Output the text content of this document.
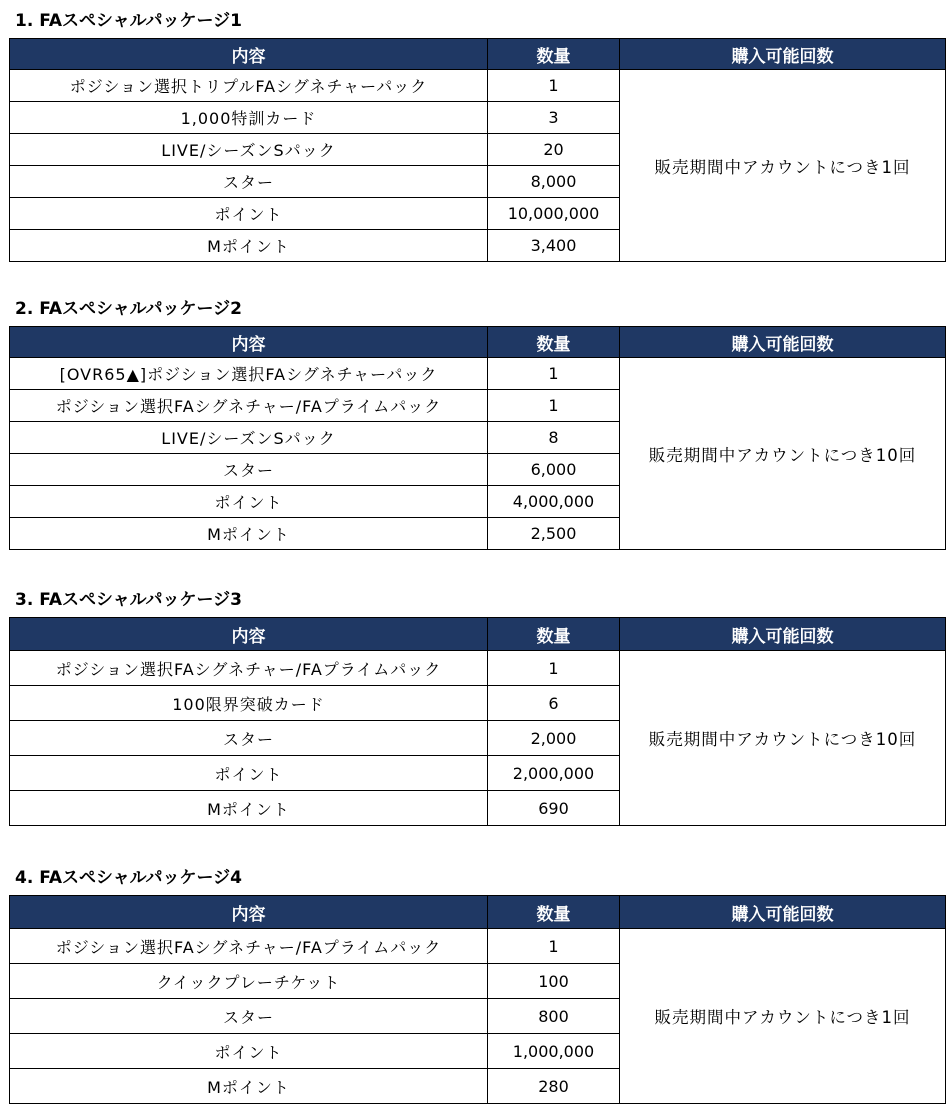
1. FAスペシャルパッケージ1
内容	数量	購入可能回数
ポジション選択トリプルFAシグネチャーパック	1	販売期間中アカウントにつき1回
1,000特訓カード	3	
LIVE/シーズンSパック	20	
スター	8,000	
ポイント	10,000,000	
Mポイント	3,400	
2. FAスペシャルパッケージ2
内容	数量	購入可能回数
[OVR65▲]ポジション選択FAシグネチャーパック	1	販売期間中アカウントにつき10回
ポジション選択FAシグネチャー/FAプライムパック	1	
LIVE/シーズンSパック	8	
スター	6,000	
ポイント	4,000,000	
Mポイント	2,500	
3. FAスペシャルパッケージ3
内容	数量	購入可能回数
ポジション選択FAシグネチャー/FAプライムパック	1	販売期間中アカウントにつき10回
100限界突破カード	6	
スター	2,000	
ポイント	2,000,000	
Mポイント	690	
4. FAスペシャルパッケージ4
内容	数量	購入可能回数
ポジション選択FAシグネチャー/FAプライムパック	1	販売期間中アカウントにつき1回
クイックプレーチケット	100	
スター	800	
ポイント	1,000,000	
Mポイント	280	
